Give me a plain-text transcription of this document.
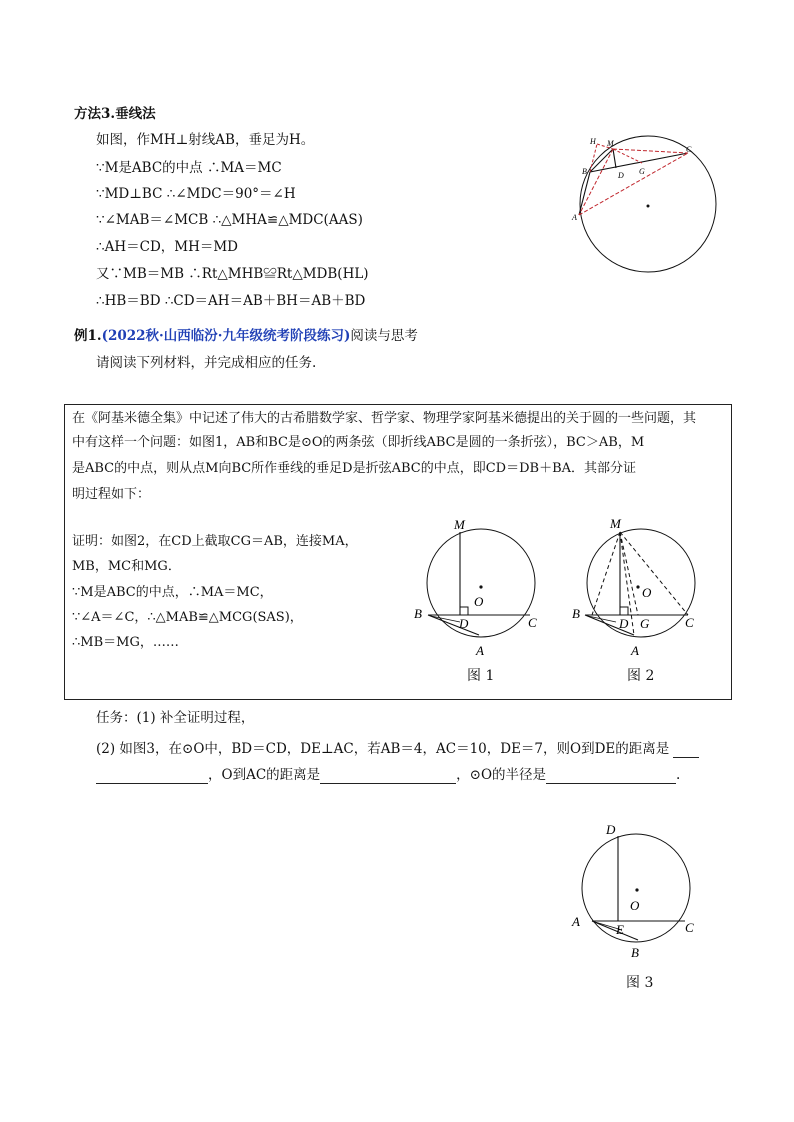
方法3.垂线法
如图，作MH⊥射线AB，垂足为H。
∵M是ABC的中点 ∴MA＝MC
∵MD⊥BC ∴∠MDC＝90°＝∠H
∵∠MAB＝∠MCB ∴△MHA≌△MDC(AAS)
∴AH＝CD，MH＝MD
又∵MB＝MB ∴Rt△MHB≌Rt△MDB(HL)
∴HB＝BD ∴CD＝AH＝AB＋BH＝AB＋BD
H M
B	D G
C
A
例1.(2022秋·山西临汾·九年级统考阶段练习)阅读与思考
请阅读下列材料，并完成相应的任务.
在《阿基米德全集》中记述了伟大的古希腊数学家、哲学家、物理学家阿基米德提出的关于圆的一些问题，其
中有这样一个问题：如图1，AB和BC是⊙O的两条弦（即折线ABC是圆的一条折弦），BC＞AB，M
是ABC的中点，则从点M向BC所作垂线的垂足D是折弦ABC的中点，即CD＝DB＋BA．其部分证
明过程如下：
证明：如图2，在CD上截取CG＝AB，连接MA，
MB，MC和MG．
∵M是ABC的中点，∴MA＝MC，
∵∠A＝∠C，∴△MAB≌△MCG(SAS)，
∴MB＝MG，……
M
O
B
D	C
A
图 1
M
O
B
D G	C
A
图 2
任务：(1) 补全证明过程，
(2) 如图3，在⊙O中，BD＝CD，DE⊥AC，若AB＝4，AC＝10，DE＝7，则O到DE的距离是
，O到AC的距离是	，⊙O的半径是	.
D
O
A
E	C
B
图 3
